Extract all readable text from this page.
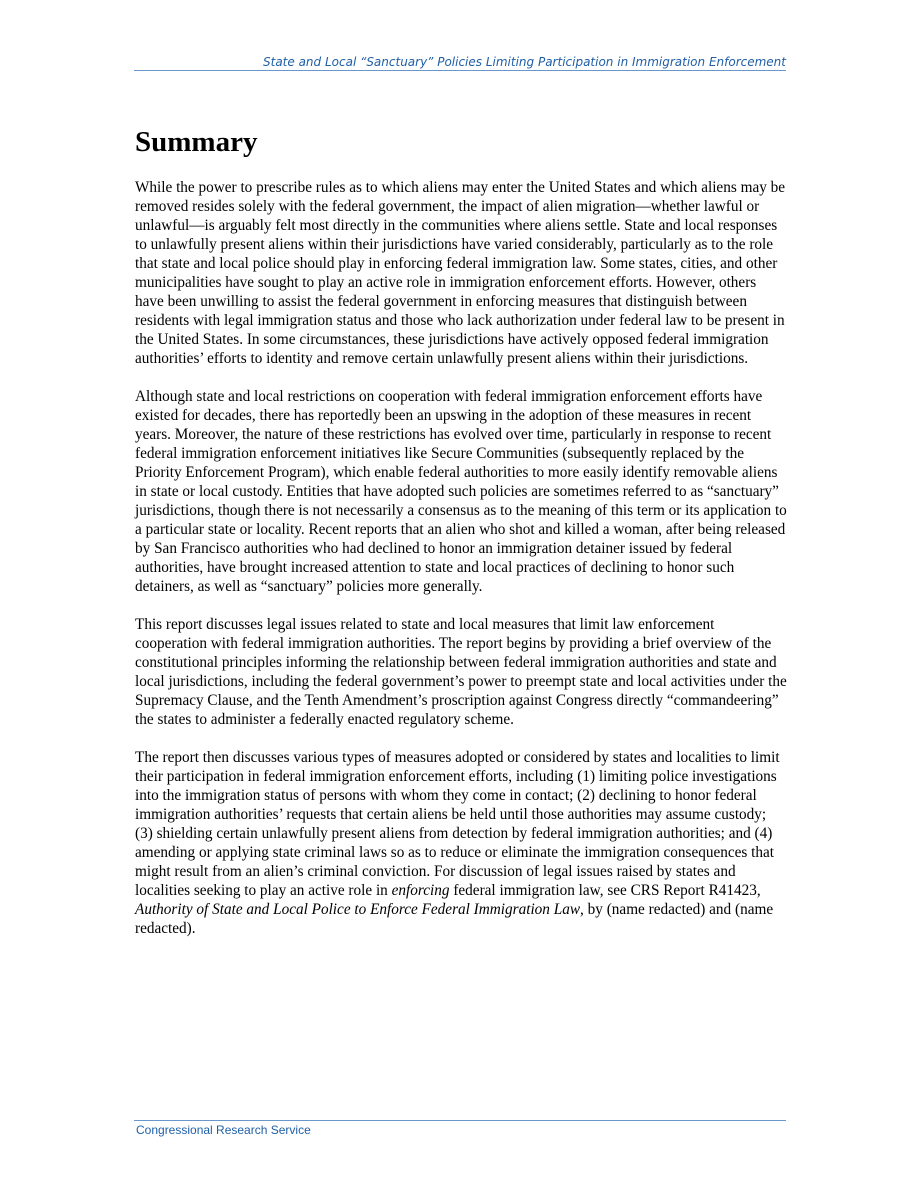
State and Local “Sanctuary” Policies Limiting Participation in Immigration Enforcement
Summary

While the power to prescribe rules as to which aliens may enter the United States and which aliens may be removed resides solely with the federal government, the impact of alien migration—whether lawful or unlawful—is arguably felt most directly in the communities where aliens settle. State and local responses to unlawfully present aliens within their jurisdictions have varied considerably, particularly as to the role that state and local police should play in enforcing federal immigration law. Some states, cities, and other municipalities have sought to play an active role in immigration enforcement efforts. However, others have been unwilling to assist the federal government in enforcing measures that distinguish between residents with legal immigration status and those who lack authorization under federal law to be present in the United States. In some circumstances, these jurisdictions have actively opposed federal immigration authorities’ efforts to identity and remove certain unlawfully present aliens within their jurisdictions.

Although state and local restrictions on cooperation with federal immigration enforcement efforts have existed for decades, there has reportedly been an upswing in the adoption of these measures in recent years. Moreover, the nature of these restrictions has evolved over time, particularly in response to recent federal immigration enforcement initiatives like Secure Communities (subsequently replaced by the Priority Enforcement Program), which enable federal authorities to more easily identify removable aliens in state or local custody. Entities that have adopted such policies are sometimes referred to as “sanctuary” jurisdictions, though there is not necessarily a consensus as to the meaning of this term or its application to a particular state or locality. Recent reports that an alien who shot and killed a woman, after being released by San Francisco authorities who had declined to honor an immigration detainer issued by federal authorities, have brought increased attention to state and local practices of declining to honor such detainers, as well as “sanctuary” policies more generally.

This report discusses legal issues related to state and local measures that limit law enforcement cooperation with federal immigration authorities. The report begins by providing a brief overview of the constitutional principles informing the relationship between federal immigration authorities and state and local jurisdictions, including the federal government’s power to preempt state and local activities under the Supremacy Clause, and the Tenth Amendment’s proscription against Congress directly “commandeering” the states to administer a federally enacted regulatory scheme.

The report then discusses various types of measures adopted or considered by states and localities to limit their participation in federal immigration enforcement efforts, including (1) limiting police investigations into the immigration status of persons with whom they come in contact; (2) declining to honor federal immigration authorities’ requests that certain aliens be held until those authorities may assume custody; (3) shielding certain unlawfully present aliens from detection by federal immigration authorities; and (4) amending or applying state criminal laws so as to reduce or eliminate the immigration consequences that might result from an alien’s criminal conviction. For discussion of legal issues raised by states and localities seeking to play an active role in enforcing federal immigration law, see CRS Report R41423, Authority of State and Local Police to Enforce Federal Immigration Law, by (name redacted) and (name redacted).

Congressional Research Service
